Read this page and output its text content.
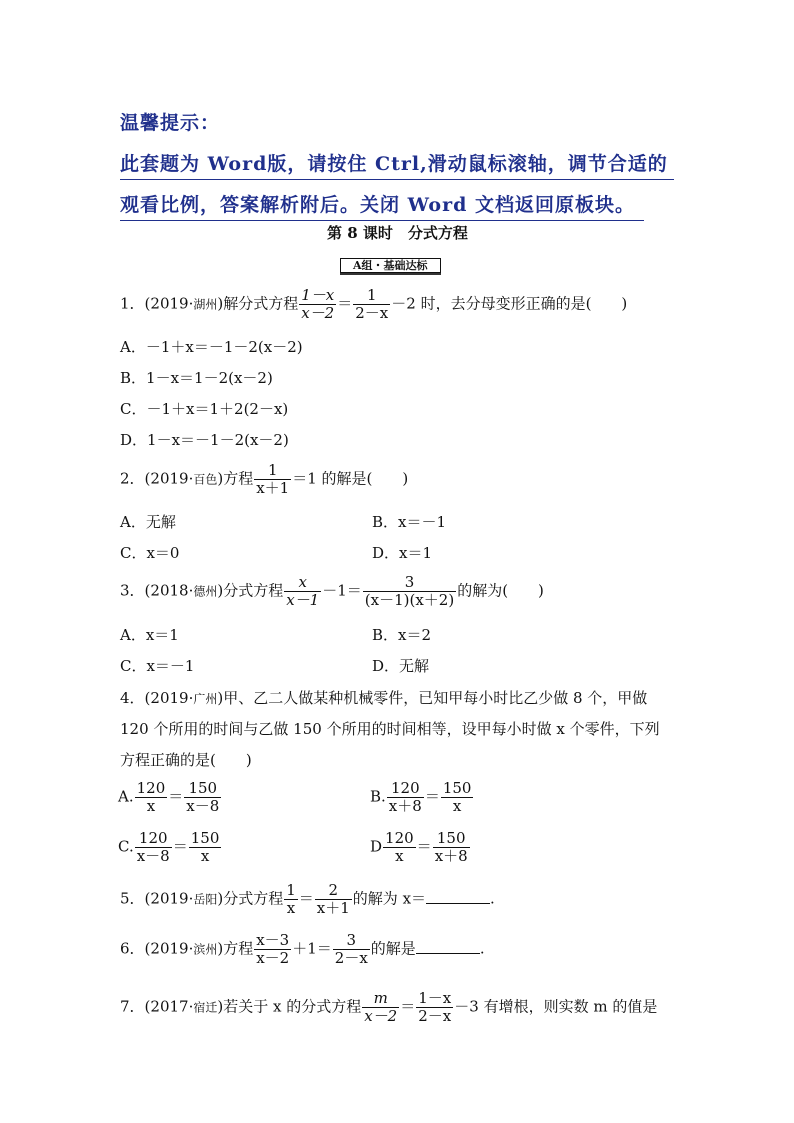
温馨提示：
此套题为 Word版，请按住 Ctrl,滑动鼠标滚轴，调节合适的
观看比例，答案解析附后。关闭 Word 文档返回原板块。
第 8 课时　分式方程
A组・基础达标
1．(2019·湖州)解分式方程 $\frac{1-x}{x-2} = \frac{1}{2-x} -2$ 时，去分母变形正确的是(　　)
A．－1＋x＝－1－2(x－2)
B．1－x＝1－2(x－2)
C．－1＋x＝1＋2(2－x)
D．1－x＝－1－2(x－2)
2．(2019·百色)方程 $\frac{1}{x+1} =1$ 的解是(　　)
A．无解	B．x＝－1
C．x＝0	D．x＝1
3．(2018·德州)分式方程 $\frac{x}{x-1} -1= \frac{3}{(x-1)(x+2)}$ 的解为(　　)
A．x＝1	B．x＝2
C．x＝－1	D．无解
4．(2019·广州)甲、乙二人做某种机械零件，已知甲每小时比乙少做 8 个，甲做
120 个所用的时间与乙做 150 个所用的时间相等，设甲每小时做 x 个零件，下列
方程正确的是(　　)
A. $\frac{120}{x} = \frac{150}{x-8}$	B. $\frac{120}{x+8} = \frac{150}{x}$
C. $\frac{120}{x-8} = \frac{150}{x}$	D $\frac{120}{x} = \frac{150}{x+8}$
5．(2019·岳阳)分式方程 $\frac{1}{x} = \frac{2}{x+1}$ 的解为 x＝	.
6．(2019·滨州)方程 $\frac{x-3}{x-2} +1= \frac{3}{2-x}$ 的解是	.
7．(2017·宿迁)若关于 x 的分式方程 $\frac{m}{x-2} = \frac{1-x}{2-x} -3$ 有增根，则实数 m 的值是
